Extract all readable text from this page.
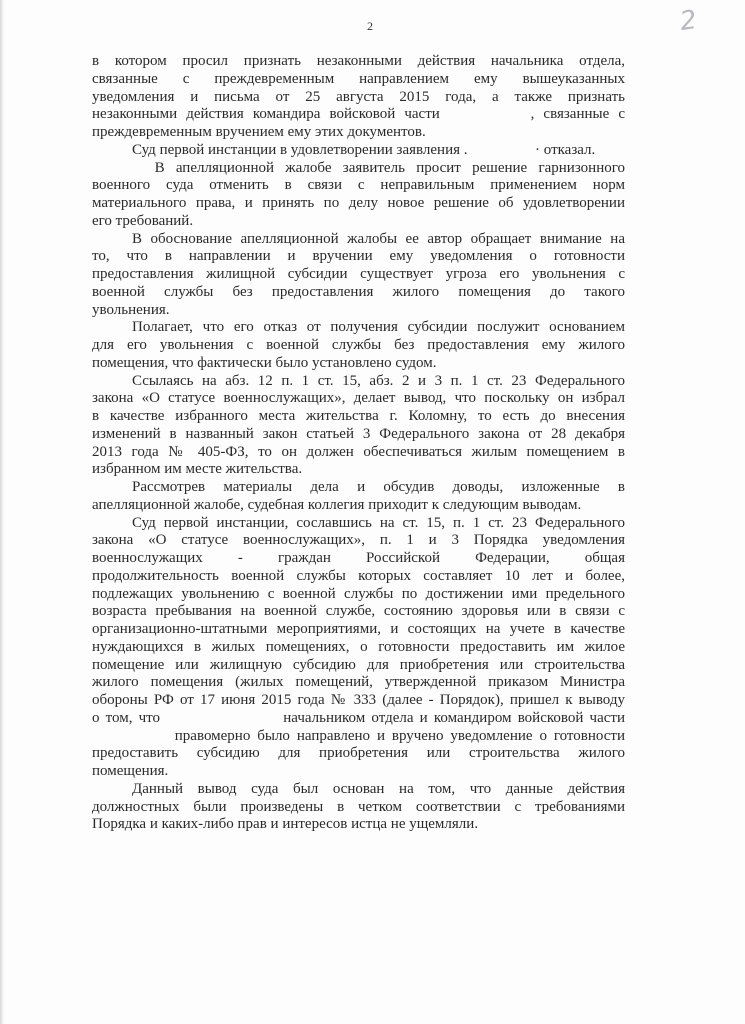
2	2
в котором просил признать незаконными действия начальника отдела,
связанные с преждевременным направлением ему вышеуказанных
уведомления и письма от 25 августа 2015 года, а также признать
незаконными действия командира войсковой части          , связанные с
преждевременным вручением ему этих документов.
Суд первой инстанции в удовлетворении заявления .                  · отказал.
В апелляционной жалобе заявитель просит решение гарнизонного
военного суда отменить в связи с неправильным применением норм
материального права, и принять по делу новое решение об удовлетворении
его требований.
В обоснование апелляционной жалобы ее автор обращает внимание на
то, что в направлении и вручении ему уведомления о готовности
предоставления жилищной субсидии существует угроза его увольнения с
военной службы без предоставления жилого помещения до такого
увольнения.
Полагает, что его отказ от получения субсидии послужит основанием
для его увольнения с военной службы без предоставления ему жилого
помещения, что фактически было установлено судом.
Ссылаясь на абз. 12 п. 1 ст. 15, абз. 2 и 3 п. 1 ст. 23 Федерального
закона «О статусе военнослужащих», делает вывод, что поскольку он избрал
в качестве избранного места жительства г. Коломну, то есть до внесения
изменений в названный закон статьей 3 Федерального закона от 28 декабря
2013 года № 405-ФЗ, то он должен обеспечиваться жилым помещением в
избранном им месте жительства.
Рассмотрев материалы дела и обсудив доводы, изложенные в
апелляционной жалобе, судебная коллегия приходит к следующим выводам.
Суд первой инстанции, сославшись на ст. 15, п. 1 ст. 23 Федерального
закона «О статусе военнослужащих», п. 1 и 3 Порядка уведомления
военнослужащих - граждан Российской Федерации, общая
продолжительность военной службы которых составляет 10 лет и более,
подлежащих увольнению с военной службы по достижении ими предельного
возраста пребывания на военной службе, состоянию здоровья или в связи с
организационно-штатными мероприятиями, и состоящих на учете в качестве
нуждающихся в жилых помещениях, о готовности предоставить им жилое
помещение или жилищную субсидию для приобретения или строительства
жилого помещения (жилых помещений, утвержденной приказом Министра
обороны РФ от 17 июня 2015 года № 333 (далее - Порядок), пришел к выводу
о том, что                    начальником отдела и командиром войсковой части
правомерно было направлено и вручено уведомление о готовности
предоставить субсидию для приобретения или строительства жилого
помещения.
Данный вывод суда был основан на том, что данные действия
должностных были произведены в четком соответствии с требованиями
Порядка и каких-либо прав и интересов истца не ущемляли.
